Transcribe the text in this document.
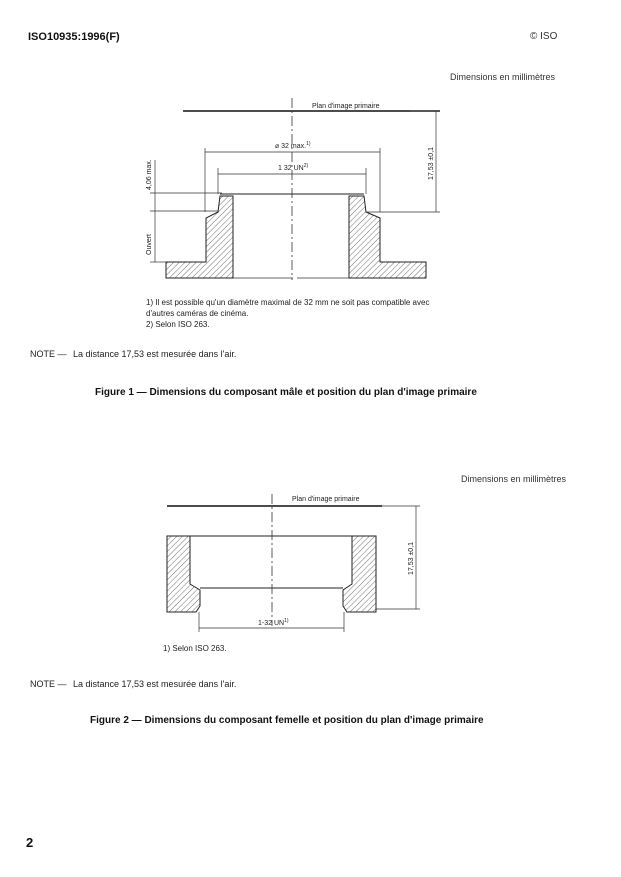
ISO10935:1996(F)	© ISO
Dimensions en millimètres
Plan d'image primaire
⌀ 32 max.$^{1)}$
1 32 UN$^{2)}$
4,06 max.
Ouvert
17,53 ±0,1
1) Il est possible qu'un diamètre maximal de 32 mm ne soit pas compatible avec
d'autres caméras de cinéma.
2) Selon ISO 263.
NOTE — La distance 17,53 est mesurée dans l'air.
Figure 1 — Dimensions du composant mâle et position du plan d'image primaire
Dimensions en millimètres
Plan d'image primaire
1-32 UN$^{1)}$
17,53 ±0,1
1) Selon ISO 263.
NOTE — La distance 17,53 est mesurée dans l'air.
Figure 2 — Dimensions du composant femelle et position du plan d'image primaire
2
